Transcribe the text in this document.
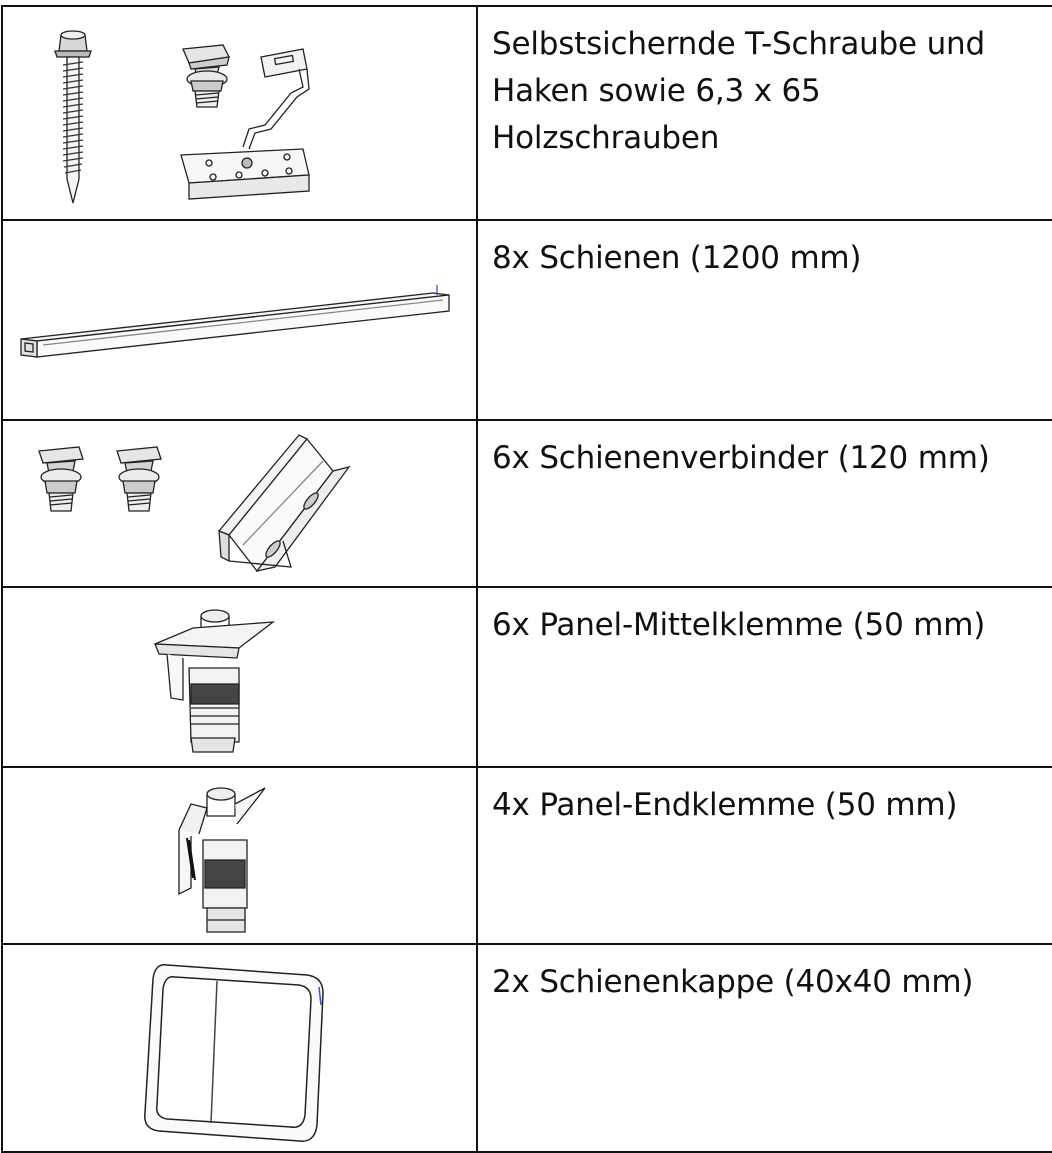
Selbstsichernde T-Schraube und
Haken sowie 6,3 x 65
Holzschrauben

8x Schienen (1200 mm)

6x Schienenverbinder (120 mm)

6x Panel-Mittelklemme (50 mm)

4x Panel-Endklemme (50 mm)

2x Schienenkappe (40x40 mm)
